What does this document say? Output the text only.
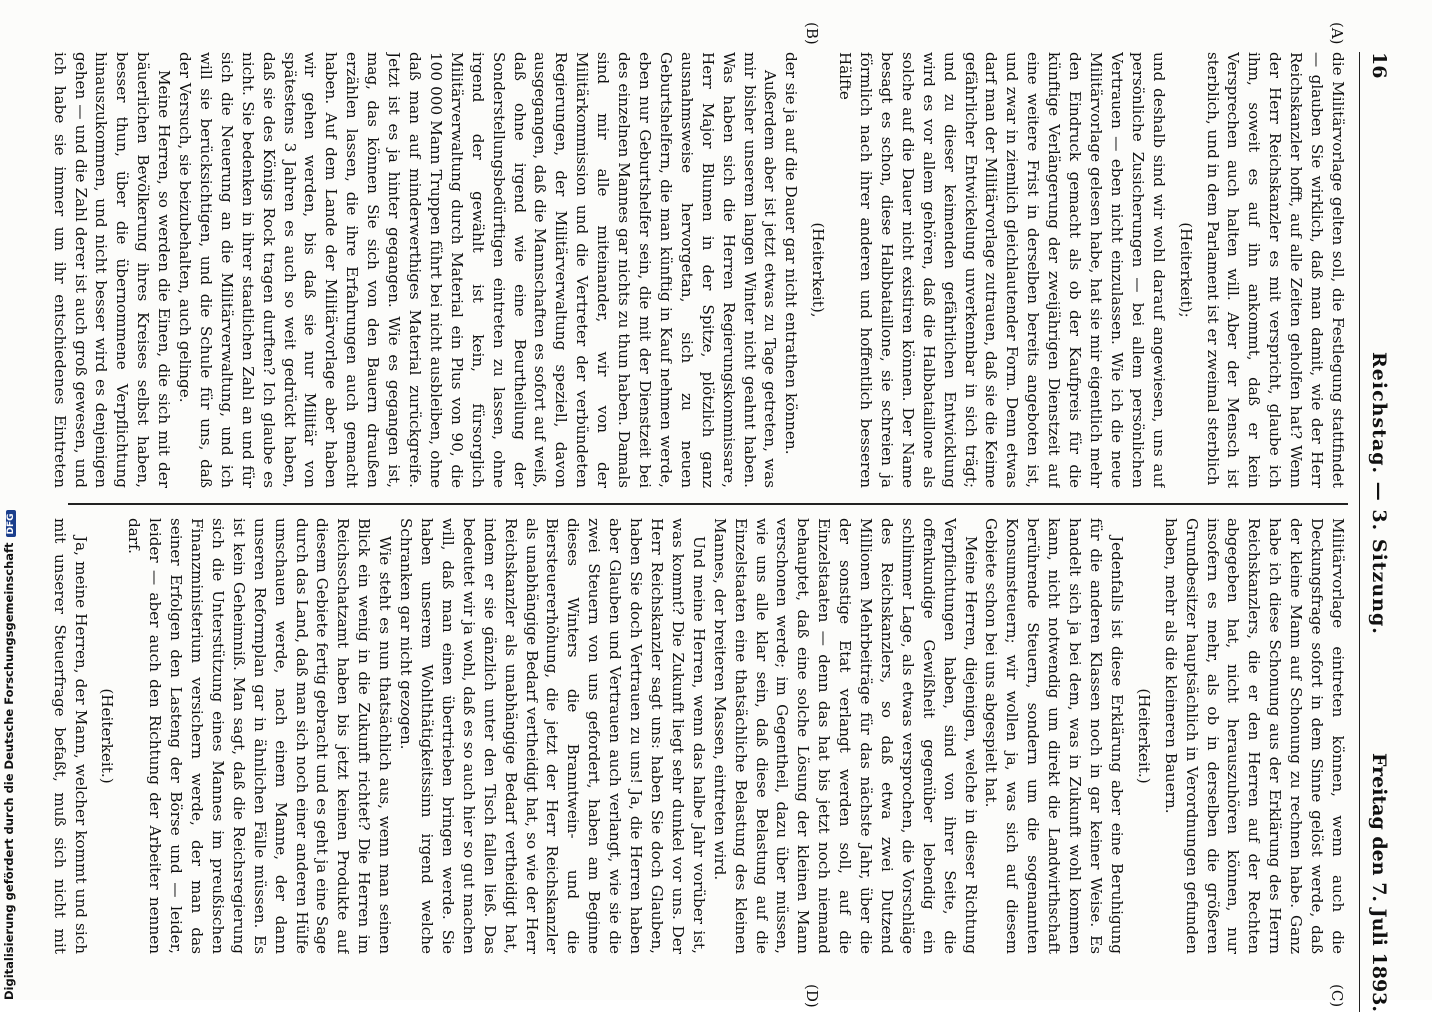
16
Reichstag. — 3. Sitzung.
Freitag den 7. Juli 1893.

die Militärvorlage gelten soll, die Festlegung stattfindet — glauben Sie wirklich, daß man damit, wie der Herr Reichskanzler hofft, auf alle Zeiten geholfen hat? Wenn der Herr Reichskanzler es mit verspricht, glaube ich ihm, soweit es auf ihn ankommt, daß er kein Versprechen auch halten will. Aber der Mensch ist sterblich, und in dem Parlament ist er zweimal sterblich

(Heiterkeit);

und deshalb sind wir wohl darauf angewiesen, uns auf persönliche Zusicherungen — bei allem persönlichen Vertrauen — eben nicht einzulassen. Wie ich die neue Militärvorlage gelesen habe, hat sie mir eigentlich mehr den Eindruck gemacht als ob der Kaufpreis für die künftige Verlängerung der zweijährigen Dienstzeit auf eine weitere Frist in derselben bereits angeboten ist, und zwar in ziemlich gleichlautender Form. Denn etwas darf man der Militärvorlage zutrauen, daß sie die Keime gefährlicher Entwickelung unverkennbar in sich trägt; und zu dieser keimenden gefährlichen Entwicklung wird es vor allem gehören, daß die Halbbataillone als solche auf die Dauer nicht existiren können. Der Name besagt es schon, diese Halbbataillone, sie schreien ja förmlich nach ihrer anderen und hoffentlich besseren Hälfte

(Heiterkeit),

der sie ja auf die Dauer gar nicht entrathen können.

Außerdem aber ist jetzt etwas zu Tage getreten, was mir bisher unserem langen Winter nicht geahnt haben. Was haben sich die Herren Regierungskommissare, Herr Major Blumen in der Spitze, plötzlich ganz ausnahmsweise hervorgetan, sich zu neuen Geburtshelfern, die man künftig in Kauf nehmen werde, eben nur Geburtshelfer sein, die mit der Dienstzeit bei des einzelnen Mannes gar nichts zu thun haben. Damals sind mir alle miteinander, wir von der Militärkommission und die Vertreter der verbündeten Regierungen, der Militärverwaltung speziell, davon ausgegangen, daß die Mannschaften es sofort auf weiß, daß ohne irgend wie eine Beurtheilung der Sonderstellungsbedürftigen eintreten zu lassen, ohne irgend der gewählt ist kein, fürsorglich Militärverwaltung durch Material ein Plus von 90, die 100 000 Mann Truppen führt bei nicht ausbleiben, ohne daß man auf minderwerthiges Material zurückgreife. Jetzt ist es ja hinter gegangen. Wie es gegangen ist, mag, das können Sie sich von den Bauern draußen erzählen lassen, die ihre Erfahrungen auch gemacht haben. Auf dem Lande der Militärvorlage aber haben wir gehen werden, bis daß sie nur Militär von spätestens 3 Jahren es auch so weit gedrückt haben, daß sie des Königs Rock tragen durften? Ich glaube es nicht. Sie bedenken in ihrer staatlichen Zahl an und für sich die Neuerung an die Militärverwaltung, und ich will sie berücksichtigen, und die Schule für uns, daß der Versuch, sie beizubehalten, auch gelinge.

Meine Herren, so werden die Einen, die sich mit der bäuerlichen Bevölkerung ihres Kreises selbst haben, besser thun, über die übernommene Verpflichtung hinauszukommen, und nicht besser wird es denjenigen gehen — und die Zahl derer ist auch groß gewesen, und ich habe sie immer um ihr entschiedenes Eintreten

Militärvorlage eintreten können, wenn auch die Deckungsfrage sofort in dem Sinne gelöst werde, daß der kleine Mann auf Schonung zu rechnen habe. Ganz habe ich diese Schonung aus der Erklärung des Herrn Reichskanzlers, die er den Herren auf der Rechten abgegeben hat, nicht herauszuhören können, nur insofern es mehr, als ob in derselben die größeren Grundbesitzer hauptsächlich in Verordnungen gefunden haben, mehr als die kleineren Bauern.

(Heiterkeit.)

Jedenfalls ist diese Erklärung aber eine Beruhigung für die anderen Klassen noch in gar keiner Weise. Es handelt sich ja bei dem, was in Zukunft wohl kommen kann, nicht notwendig um direkt die Landwirthschaft berührende Steuern, sondern um die sogenannten Konsumsteuern; wir wollen ja, was sich auf diesem Gebiete schon bei uns abgespielt hat.

Meine Herren, diejenigen, welche in dieser Richtung Verpflichtungen haben, sind von ihrer Seite, die offenkundige Gewißheit gegenüber lebendig ein schlimmer Lage, als etwas versprochen, die Vorschläge des Reichskanzlers, so daß etwa zwei Dutzend Millionen Mehrbeiträge für das nächste Jahr, über die der sonstige Etat verlangt werden soll, auf die Einzelstaaten — denn das hat bis jetzt noch niemand behauptet, daß eine solche Lösung der kleinen Mann verschonen werde; im Gegentheil, dazu über müssen, wie uns alle klar sein, daß diese Belastung auf die Einzelstaaten eine thatsächliche Belastung des kleinen Mannes, der breiteren Massen, eintreten wird.

Und meine Herren, wenn das halbe Jahr vorüber ist, was kommt? Die Zukunft liegt sehr dunkel vor uns. Der Herr Reichskanzler sagt uns: haben Sie doch Glauben, haben Sie doch Vertrauen zu uns! Ja, die Herren haben aber Glauben und Vertrauen auch verlangt, wie sie die zwei Steuern von uns gefordert, haben am Beginne dieses Winters die Branntwein- und die Biersteuererhöhung, die jetzt der Herr Reichskanzler als unabhängige Bedarf vertheidigt hat, so wie der Herr Reichskanzler als unabhängige Bedarf vertheidigt hat, indem er sie gänzlich unter den Tisch fallen ließ. Das bedeutet wir ja wohl, daß es so auch hier so gut machen will, daß man einen übertrieben bringen werde. Sie haben unserem Wohlthätigkeitssinn irgend welche Schranken gar nicht gezogen.

Wie steht es nun thatsächlich aus, wenn man seinen Blick ein wenig in die Zukunft richtet? Die Herren im Reichsschatzamt haben bis jetzt keinen Produkte auf diesem Gebiete fertig gebracht und es geht ja eine Sage durch das Land, daß man sich noch einer anderen Hülfe umschauen werde, nach einem Manne, der dann unseren Reformplan gar in ähnlichen Fälle müssen. Es ist kein Geheimniß. Man sagt, daß die Reichsregierung sich die Unterstützung eines Mannes im preußischen Finanzministerium versichern werde, der man das seiner Erfolgen den Lasteng der Börse und — leider, leider — aber auch den Richtung der Arbeiter nennen darf.

(Heiterkeit.)

Ja, meine Herren, der Mann, welcher kommt und sich mit unserer Steuerfrage befaßt, muß sich nicht mit

(A)
(B)
(C)
(D)
Digitalisierung gefördert durch die Deutsche ForschungsgemeinschaftDFG
